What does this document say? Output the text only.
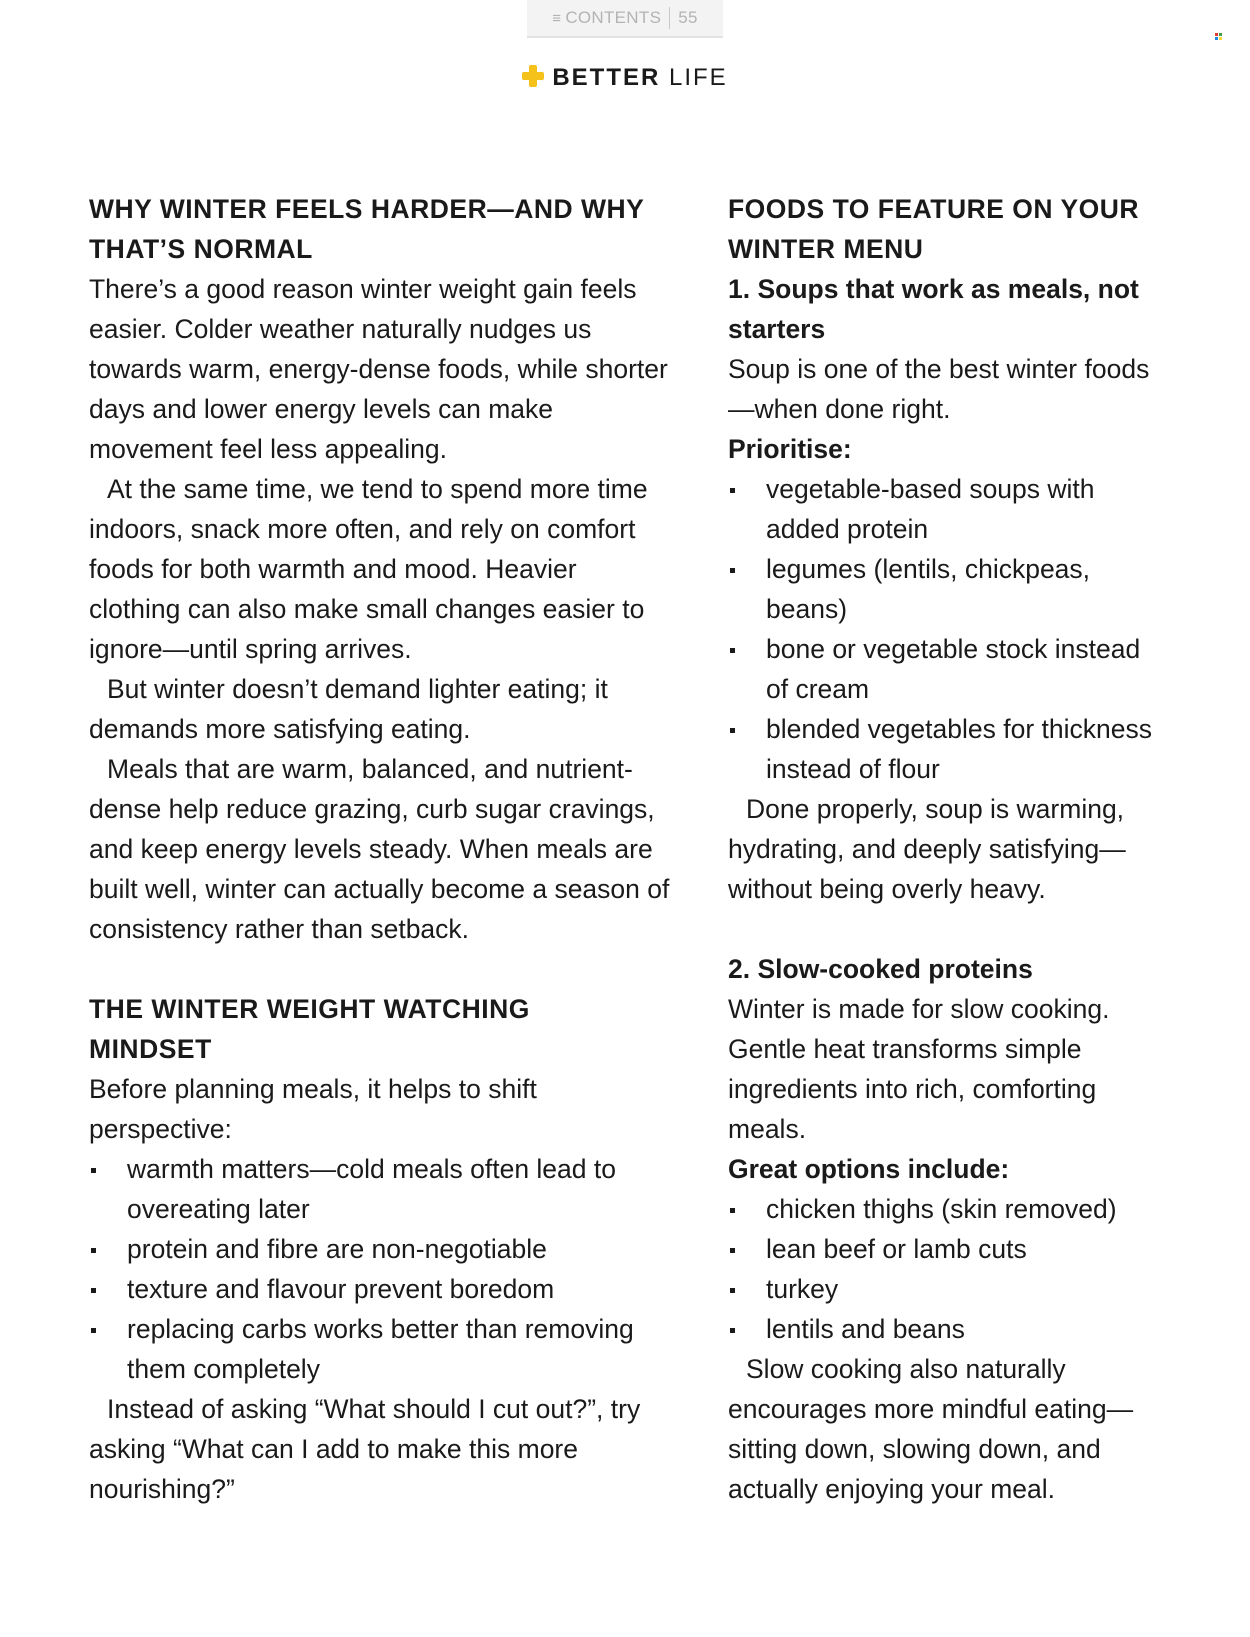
≡ CONTENTS 55
BETTER LIFE

WHY WINTER FEELS HARDER—AND WHY
THAT’S NORMAL

There’s a good reason winter weight gain feels easier. Colder weather naturally nudges us towards warm, energy-dense foods, while shorter days and lower energy levels can make movement feel less appealing.

At the same time, we tend to spend more time indoors, snack more often, and rely on comfort foods for both warmth and mood. Heavier clothing can also make small changes easier to ignore—until spring arrives.

But winter doesn’t demand lighter eating; it demands more satisfying eating.

Meals that are warm, balanced, and nutrient-dense help reduce grazing, curb sugar cravings, and keep energy levels steady. When meals are built well, winter can actually become a season of consistency rather than setback.

THE WINTER WEIGHT WATCHING
MINDSET

Before planning meals, it helps to shift perspective:

warmth matters—cold meals often lead to overeating later
protein and fibre are non-negotiable
texture and flavour prevent boredom
replacing carbs works better than removing them completely

Instead of asking “What should I cut out?”, try asking “What can I add to make this more nourishing?”

FOODS TO FEATURE ON YOUR
WINTER MENU

1. Soups that work as meals, not starters

Soup is one of the best winter foods—when done right.

Prioritise:

vegetable-based soups with added protein
legumes (lentils, chickpeas, beans)
bone or vegetable stock instead of cream
blended vegetables for thickness instead of flour

Done properly, soup is warming, hydrating, and deeply satisfying—without being overly heavy.

2. Slow-cooked proteins

Winter is made for slow cooking. Gentle heat transforms simple ingredients into rich, comforting meals.

Great options include:

chicken thighs (skin removed)
lean beef or lamb cuts
turkey
lentils and beans

Slow cooking also naturally encourages more mindful eating—sitting down, slowing down, and actually enjoying your meal.
